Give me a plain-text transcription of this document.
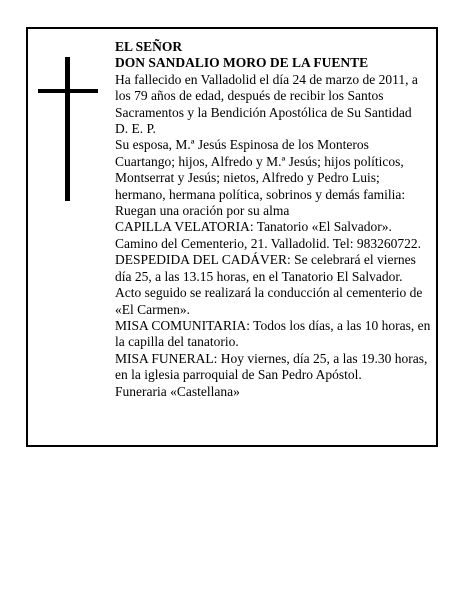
EL SEÑOR

DON SANDALIO MORO DE LA FUENTE

Ha fallecido en Valladolid el día 24 de marzo de 2011, a los 79 años de edad, después de recibir los Santos Sacramentos y la Bendición Apostólica de Su Santidad

D. E. P.

Su esposa, M.ª Jesús Espinosa de los Monteros Cuartango; hijos, Alfredo y M.ª Jesús; hijos políticos, Montserrat y Jesús; nietos, Alfredo y Pedro Luis; hermano, hermana política, sobrinos y demás familia:

Ruegan una oración por su alma

CAPILLA VELATORIA: Tanatorio «El Salvador». Camino del Cementerio, 21. Valladolid. Tel: 983260722.

DESPEDIDA DEL CADÁVER: Se celebrará el viernes día 25, a las 13.15 horas, en el Tanatorio El Salvador. Acto seguido se realizará la conducción al cementerio de «El Carmen».

MISA COMUNITARIA: Todos los días, a las 10 horas, en la capilla del tanatorio.

MISA FUNERAL: Hoy viernes, día 25, a las 19.30 horas, en la iglesia parroquial de San Pedro Apóstol.

Funeraria «Castellana»
